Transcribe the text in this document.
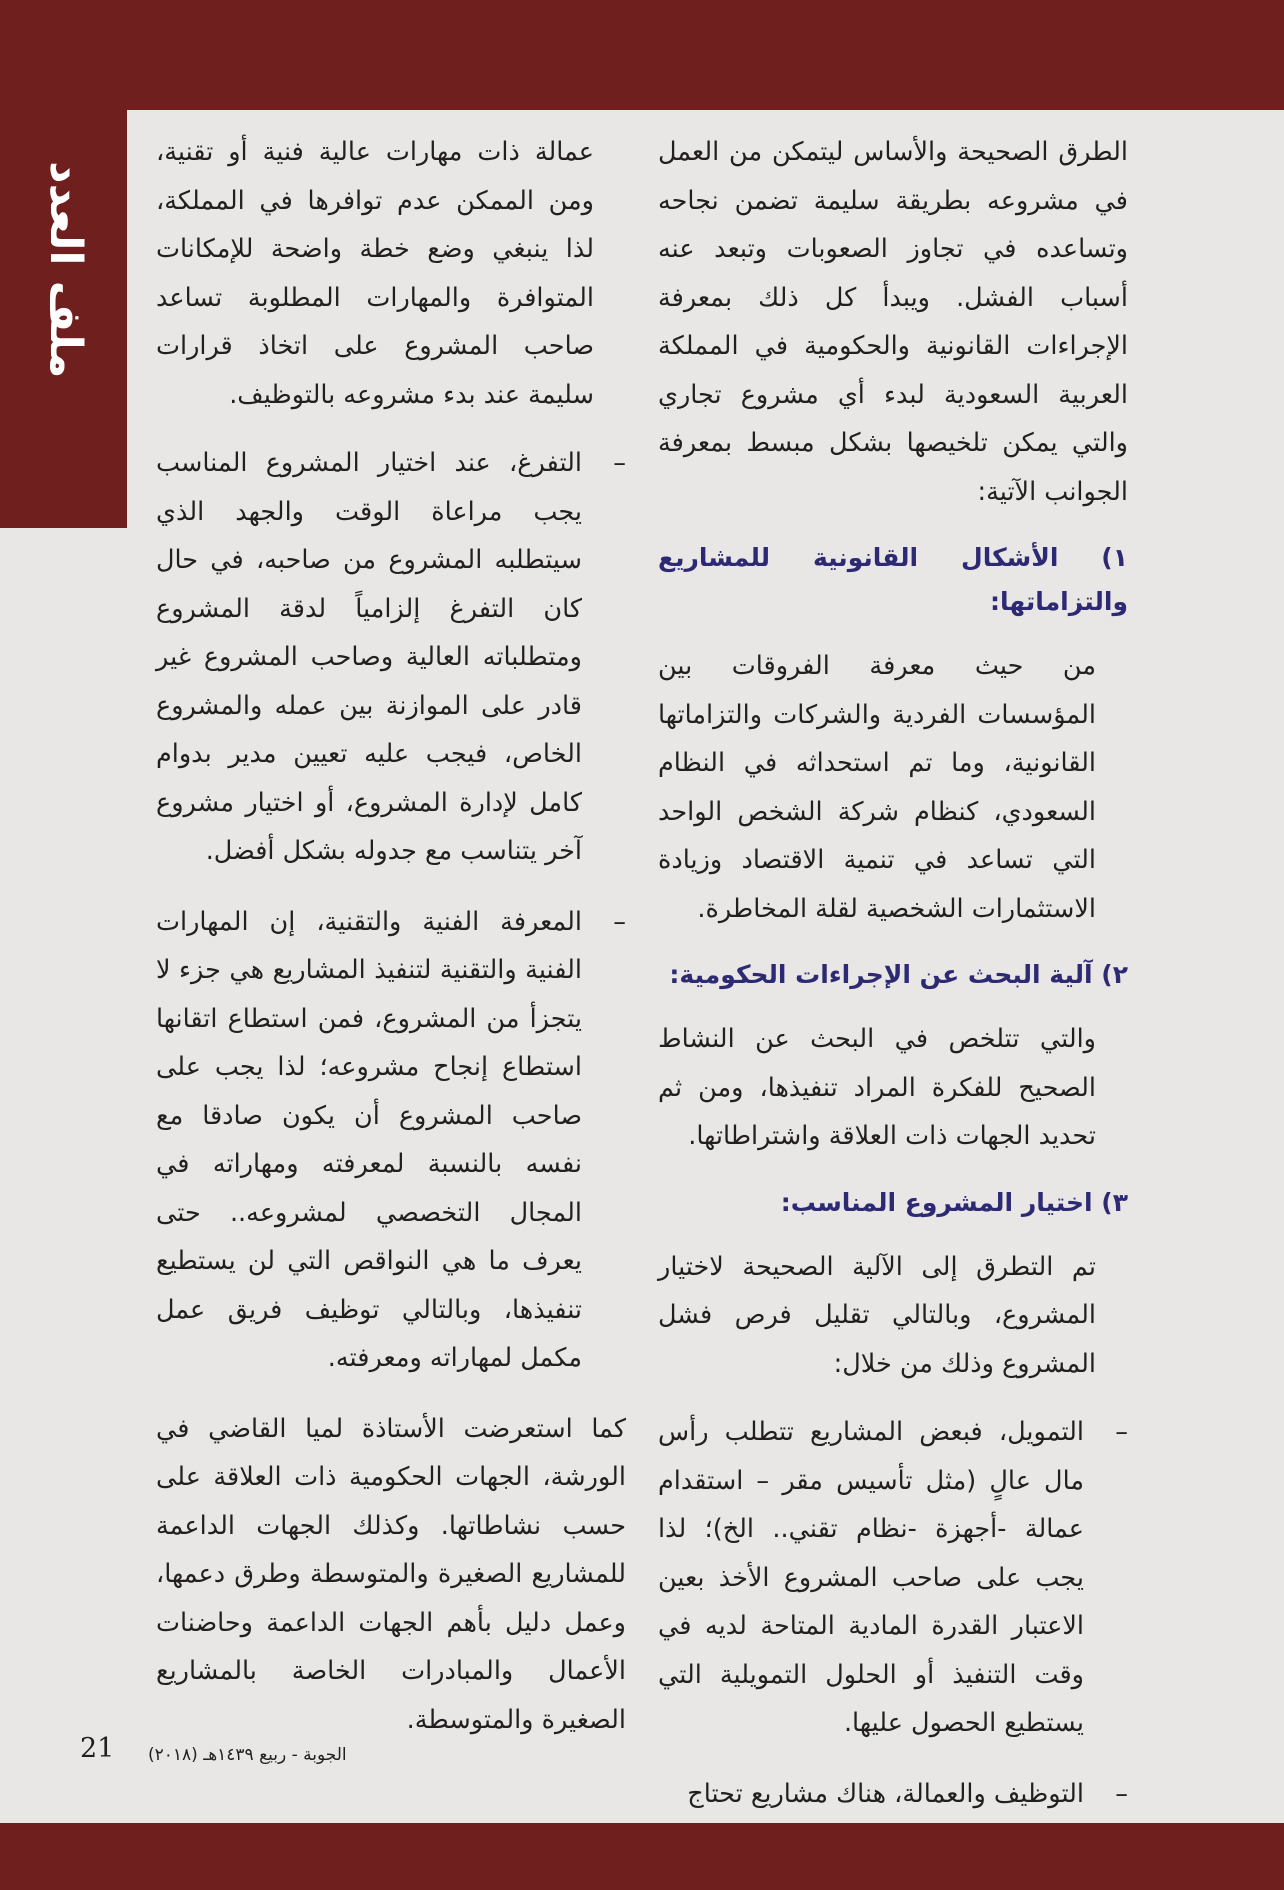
ملف العدد

الطرق الصحيحة والأساس ليتمكن من العمل في مشروعه بطريقة سليمة تضمن نجاحه وتساعده في تجاوز الصعوبات وتبعد عنه أسباب الفشل. ويبدأ كل ذلك بمعرفة الإجراءات القانونية والحكومية في المملكة العربية السعودية لبدء أي مشروع تجاري والتي يمكن تلخيصها بشكل مبسط بمعرفة الجوانب الآتية:

١) الأشكال القانونية للمشاريع والتزاماتها:

من حيث معرفة الفروقات بين المؤسسات الفردية والشركات والتزاماتها القانونية، وما تم استحداثه في النظام السعودي، كنظام شركة الشخص الواحد التي تساعد في تنمية الاقتصاد وزيادة الاستثمارات الشخصية لقلة المخاطرة.

٢) آلية البحث عن الإجراءات الحكومية:

والتي تتلخص في البحث عن النشاط الصحيح للفكرة المراد تنفيذها، ومن ثم تحديد الجهات ذات العلاقة واشتراطاتها.

٣) اختيار المشروع المناسب:

تم التطرق إلى الآلية الصحيحة لاختيار المشروع، وبالتالي تقليل فرص فشل المشروع وذلك من خلال:

–
التمويل، فبعض المشاريع تتطلب رأس مال عالٍ (مثل تأسيس مقر – استقدام عمالة -أجهزة -نظام تقني.. الخ)؛ لذا يجب على صاحب المشروع الأخذ بعين الاعتبار القدرة المادية المتاحة لديه في وقت التنفيذ أو الحلول التمويلية التي يستطيع الحصول عليها.
–
التوظيف والعمالة، هناك مشاريع تحتاج

عمالة ذات مهارات عالية فنية أو تقنية، ومن الممكن عدم توافرها في المملكة، لذا ينبغي وضع خطة واضحة للإمكانات المتوافرة والمهارات المطلوبة تساعد صاحب المشروع على اتخاذ قرارات سليمة عند بدء مشروعه بالتوظيف.

–
التفرغ، عند اختيار المشروع المناسب يجب مراعاة الوقت والجهد الذي سيتطلبه المشروع من صاحبه، في حال كان التفرغ إلزامياً لدقة المشروع ومتطلباته العالية وصاحب المشروع غير قادر على الموازنة بين عمله والمشروع الخاص، فيجب عليه تعيين مدير بدوام كامل لإدارة المشروع، أو اختيار مشروع آخر يتناسب مع جدوله بشكل أفضل.
–
المعرفة الفنية والتقنية، إن المهارات الفنية والتقنية لتنفيذ المشاريع هي جزء لا يتجزأ من المشروع، فمن استطاع اتقانها استطاع إنجاح مشروعه؛ لذا يجب على صاحب المشروع أن يكون صادقا مع نفسه بالنسبة لمعرفته ومهاراته في المجال التخصصي لمشروعه.. حتى يعرف ما هي النواقص التي لن يستطيع تنفيذها، وبالتالي توظيف فريق عمل مكمل لمهاراته ومعرفته.

كما استعرضت الأستاذة لميا القاضي في الورشة، الجهات الحكومية ذات العلاقة على حسب نشاطاتها. وكذلك الجهات الداعمة للمشاريع الصغيرة والمتوسطة وطرق دعمها، وعمل دليل بأهم الجهات الداعمة وحاضنات الأعمال والمبادرات الخاصة بالمشاريع الصغيرة والمتوسطة.

21 الجوبة - ربيع ١٤٣٩هـ (٢٠١٨)
